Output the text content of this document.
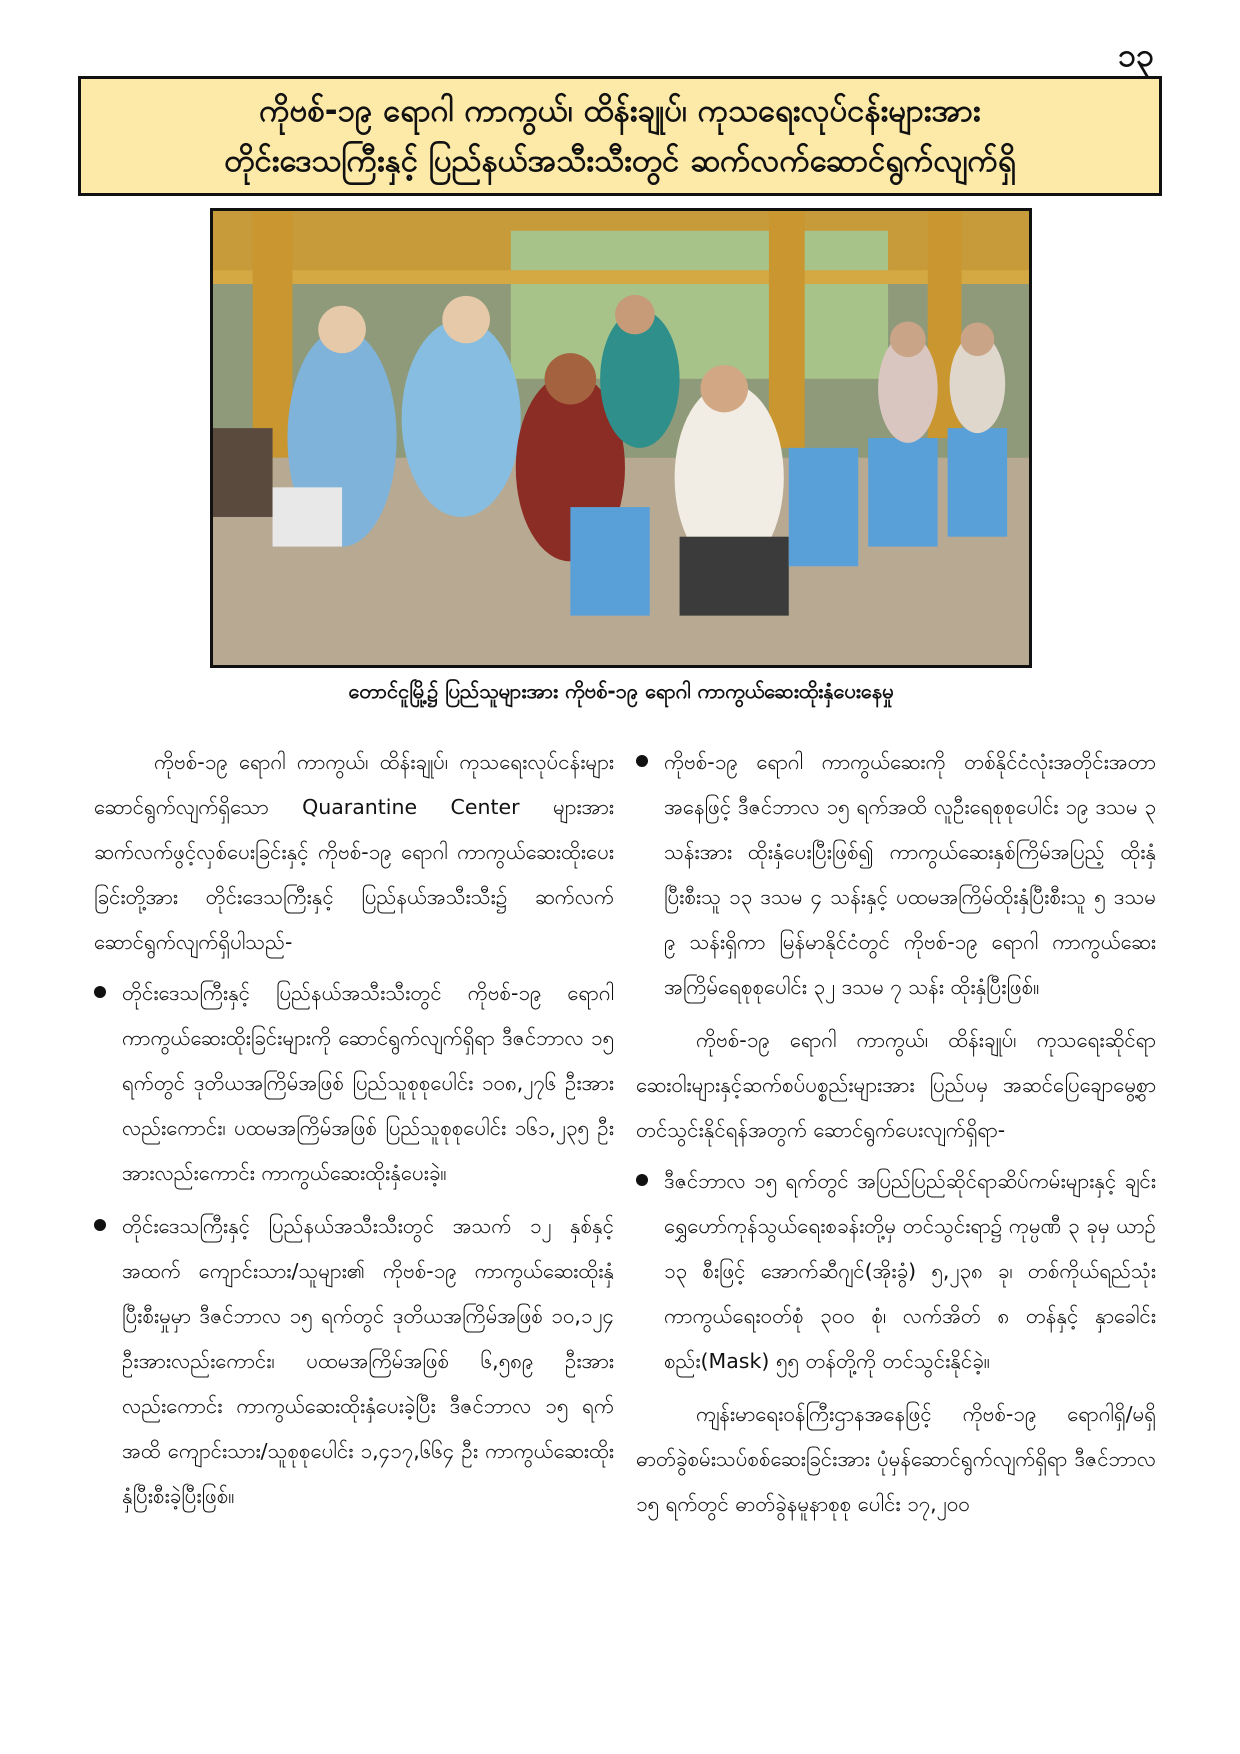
၁၃
ကိုဗစ်-၁၉ ရောဂါ ကာကွယ်၊ ထိန်းချုပ်၊ ကုသရေးလုပ်ငန်းများအား
တိုင်းဒေသကြီးနှင့် ပြည်နယ်အသီးသီးတွင် ဆက်လက်ဆောင်ရွက်လျက်ရှိ
တောင်ငူမြို့၌ ပြည်သူများအား ကိုဗစ်-၁၉ ရောဂါ ကာကွယ်ဆေးထိုးနှံပေးနေမှု

ကိုဗစ်-၁၉ ရောဂါ ကာကွယ်၊ ထိန်းချုပ်၊ ကုသရေးလုပ်ငန်းများဆောင်ရွက်လျက်ရှိသော Quarantine Center များအား ဆက်လက်ဖွင့်လှစ်ပေးခြင်းနှင့် ကိုဗစ်-၁၉ ရောဂါ ကာကွယ်ဆေးထိုးပေးခြင်းတို့အား တိုင်းဒေသကြီးနှင့် ပြည်နယ်အသီးသီး၌ ဆက်လက်ဆောင်ရွက်လျက်ရှိပါသည်-

တိုင်းဒေသကြီးနှင့် ပြည်နယ်အသီးသီးတွင် ကိုဗစ်-၁၉ ရောဂါကာကွယ်ဆေးထိုးခြင်းများကို ဆောင်ရွက်လျက်ရှိရာ ဒီဇင်ဘာလ ၁၅ ရက်တွင် ဒုတိယအကြိမ်အဖြစ် ပြည်သူစုစုပေါင်း ၁၀၈,၂၇၆ ဦးအားလည်းကောင်း၊ ပထမအကြိမ်အဖြစ် ပြည်သူစုစုပေါင်း ၁၆၁,၂၃၅ ဦးအားလည်းကောင်း ကာကွယ်ဆေးထိုးနှံပေးခဲ့။
တိုင်းဒေသကြီးနှင့် ပြည်နယ်အသီးသီးတွင် အသက် ၁၂ နှစ်နှင့်အထက် ကျောင်းသား/သူများ၏ ကိုဗစ်-၁၉ ကာကွယ်ဆေးထိုးနှံပြီးစီးမှုမှာ ဒီဇင်ဘာလ ၁၅ ရက်တွင် ဒုတိယအကြိမ်အဖြစ် ၁၀,၁၂၄ ဦးအားလည်းကောင်း၊ ပထမအကြိမ်အဖြစ် ၆,၅၈၉ ဦးအားလည်းကောင်း ကာကွယ်ဆေးထိုးနှံပေးခဲ့ပြီး ဒီဇင်ဘာလ ၁၅ ရက်အထိ ကျောင်းသား/သူစုစုပေါင်း ၁,၄၁၇,၆၆၄ ဦး ကာကွယ်ဆေးထိုးနှံပြီးစီးခဲ့ပြီးဖြစ်။
ကိုဗစ်-၁၉ ရောဂါ ကာကွယ်ဆေးကို တစ်နိုင်ငံလုံးအတိုင်းအတာအနေဖြင့် ဒီဇင်ဘာလ ၁၅ ရက်အထိ လူဦးရေစုစုပေါင်း ၁၉ ဒသမ ၃ သန်းအား ထိုးနှံပေးပြီးဖြစ်၍ ကာကွယ်ဆေးနှစ်ကြိမ်အပြည့် ထိုးနှံပြီးစီးသူ ၁၃ ဒသမ ၄ သန်းနှင့် ပထမအကြိမ်ထိုးနှံပြီးစီးသူ ၅ ဒသမ ၉ သန်းရှိကာ မြန်မာနိုင်ငံတွင် ကိုဗစ်-၁၉ ရောဂါ ကာကွယ်ဆေးအကြိမ်ရေစုစုပေါင်း ၃၂ ဒသမ ၇ သန်း ထိုးနှံပြီးဖြစ်။

ကိုဗစ်-၁၉ ရောဂါ ကာကွယ်၊ ထိန်းချုပ်၊ ကုသရေးဆိုင်ရာဆေးဝါးများနှင့်ဆက်စပ်ပစ္စည်းများအား ပြည်ပမှ အဆင်ပြေချောမွေ့စွာ တင်သွင်းနိုင်ရန်အတွက် ဆောင်ရွက်ပေးလျက်ရှိရာ-

ဒီဇင်ဘာလ ၁၅ ရက်တွင် အပြည်ပြည်ဆိုင်ရာဆိပ်ကမ်းများနှင့် ချင်းရွှေဟော်ကုန်သွယ်ရေးစခန်းတို့မှ တင်သွင်းရာ၌ ကုမ္ပဏီ ၃ ခုမှ ယာဉ် ၁၃ စီးဖြင့် အောက်ဆီဂျင်(အိုးခွံ) ၅,၂၃၈ ခု၊ တစ်ကိုယ်ရည်သုံးကာကွယ်ရေးဝတ်စုံ ၃၀၀ စုံ၊ လက်အိတ် ၈ တန်နှင့် နှာခေါင်းစည်း(Mask) ၅၅ တန်တို့ကို တင်သွင်းနိုင်ခဲ့။

ကျန်းမာရေးဝန်ကြီးဌာနအနေဖြင့် ကိုဗစ်-၁၉ ရောဂါရှိ/မရှိ ဓာတ်ခွဲစမ်းသပ်စစ်ဆေးခြင်းအား ပုံမှန်ဆောင်ရွက်လျက်ရှိရာ ဒီဇင်ဘာလ ၁၅ ရက်တွင် ဓာတ်ခွဲနမူနာစုစု ပေါင်း ၁၇,၂၀၀
